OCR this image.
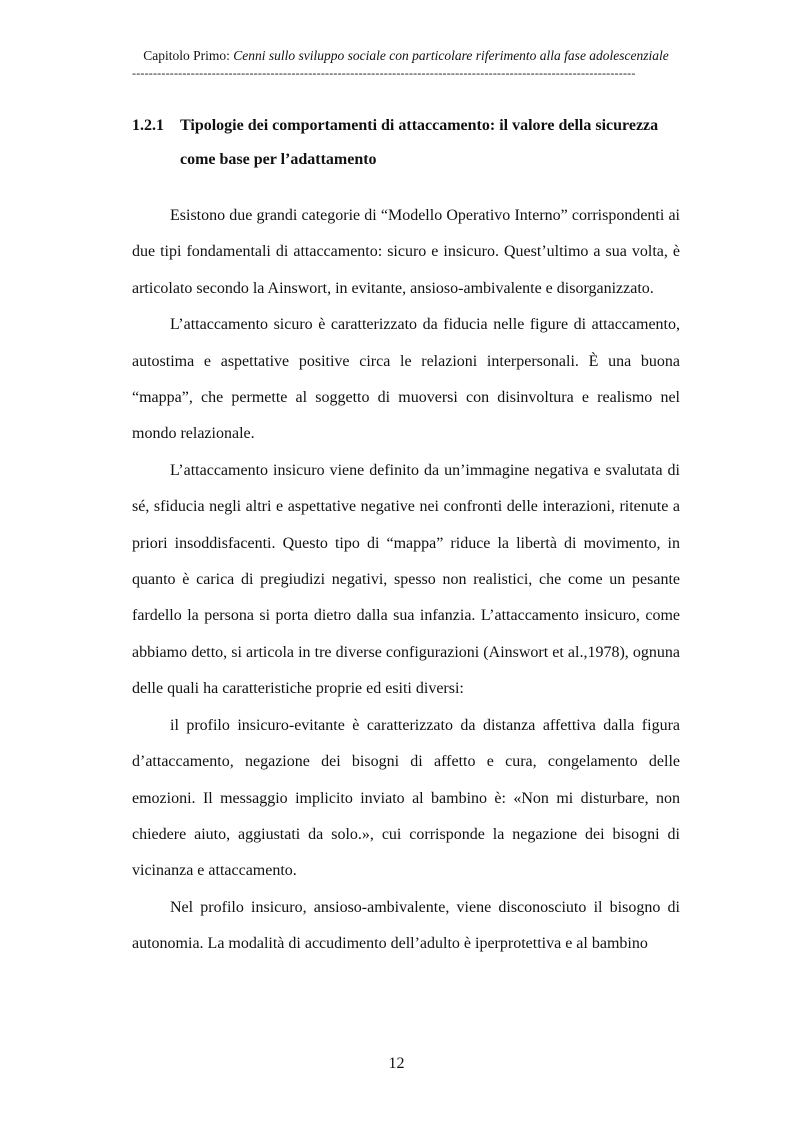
Capitolo Primo: Cenni sullo sviluppo sociale con particolare riferimento alla fase adolescenziale
------------------------------------------------------------------------------------------------------------------------
1.2.1 Tipologie dei comportamenti di attaccamento: il valore della sicurezza
come base per l’adattamento

Esistono due grandi categorie di “Modello Operativo Interno” corrispondenti ai due tipi fondamentali di attaccamento: sicuro e insicuro. Quest’ultimo a sua volta, è articolato secondo la Ainswort, in evitante, ansioso-ambivalente e disorganizzato.

L’attaccamento sicuro è caratterizzato da fiducia nelle figure di attaccamento, autostima e aspettative positive circa le relazioni interpersonali. È una buona “mappa”, che permette al soggetto di muoversi con disinvoltura e realismo nel mondo relazionale.

L’attaccamento insicuro viene definito da un’immagine negativa e svalutata di sé, sfiducia negli altri e aspettative negative nei confronti delle interazioni, ritenute a priori insoddisfacenti. Questo tipo di “mappa” riduce la libertà di movimento, in quanto è carica di pregiudizi negativi, spesso non realistici, che come un pesante fardello la persona si porta dietro dalla sua infanzia. L’attaccamento insicuro, come abbiamo detto, si articola in tre diverse configurazioni (Ainswort et al.,1978), ognuna delle quali ha caratteristiche proprie ed esiti diversi:

il profilo insicuro-evitante è caratterizzato da distanza affettiva dalla figura d’attaccamento, negazione dei bisogni di affetto e cura, congelamento delle emozioni. Il messaggio implicito inviato al bambino è: «Non mi disturbare, non chiedere aiuto, aggiustati da solo.», cui corrisponde la negazione dei bisogni di vicinanza e attaccamento.

Nel profilo insicuro, ansioso-ambivalente, viene disconosciuto il bisogno di autonomia. La modalità di accudimento dell’adulto è iperprotettiva e al bambino

12
